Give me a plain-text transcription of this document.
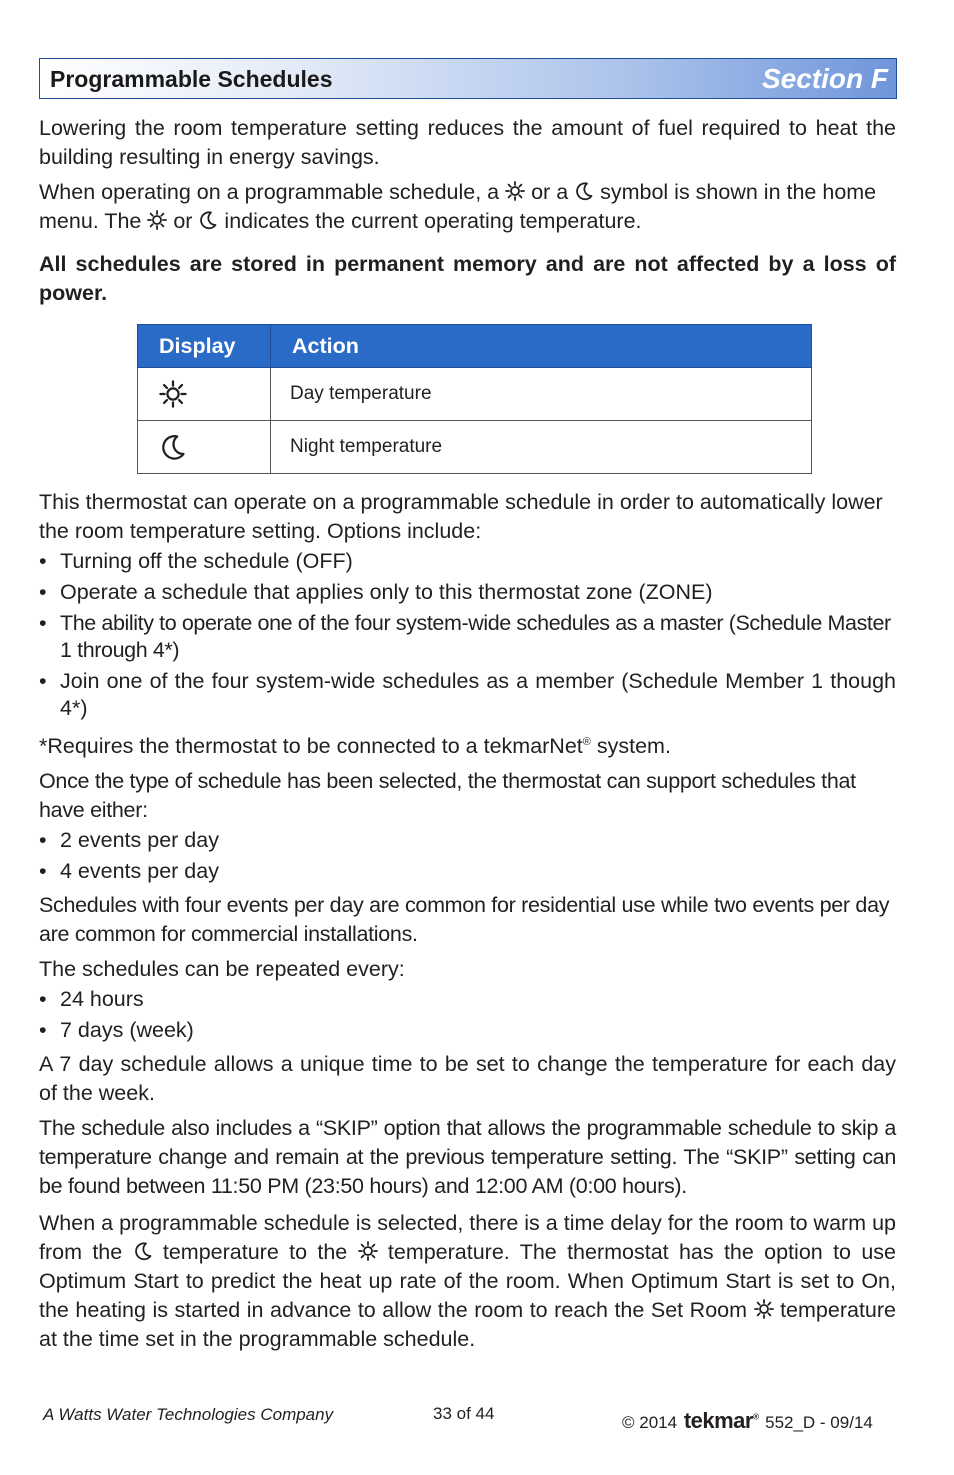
Programmable Schedules	Section F

Lowering the room temperature setting reduces the amount of fuel required to heat the building resulting in energy savings.

When operating on a programmable schedule, a
or a
symbol is shown in the home menu. The
or
indicates the current operating temperature.

All schedules are stored in permanent memory and are not affected by a loss of power.

Display	Action

	Day temperature

	Night temperature

This thermostat can operate on a programmable schedule in order to automatically lower the room temperature setting. Options include:

• Turning off the schedule (OFF)
• Operate a schedule that applies only to this thermostat zone (ZONE)
• The ability to operate one of the four system-wide schedules as a master (Schedule Master 1 through 4*)
• Join one of the four system-wide schedules as a member (Schedule Member 1 though 4*)

*Requires the thermostat to be connected to a tekmarNet® system.

Once the type of schedule has been selected, the thermostat can support schedules that have either:

• 2 events per day
• 4 events per day

Schedules with four events per day are common for residential use while two events per day are common for commercial installations.

The schedules can be repeated every:

• 24 hours
• 7 days (week)

A 7 day schedule allows a unique time to be set to change the temperature for each day of the week.

The schedule also includes a “SKIP” option that allows the programmable schedule to skip a temperature change and remain at the previous temperature setting. The “SKIP” setting can be found between 11:50 PM (23:50 hours) and 12:00 AM (0:00 hours).

When a programmable schedule is selected, there is a time delay for the room to warm up from the
temperature to the
temperature. The thermostat has the option to use Optimum Start to predict the heat up rate of the room. When Optimum Start is set to On, the heating is started in advance to allow the room to reach the Set Room
temperature at the time set in the programmable schedule.

A Watts Water Technologies Company	33 of 44	© 2014 tekmar® 552_D - 09/14
